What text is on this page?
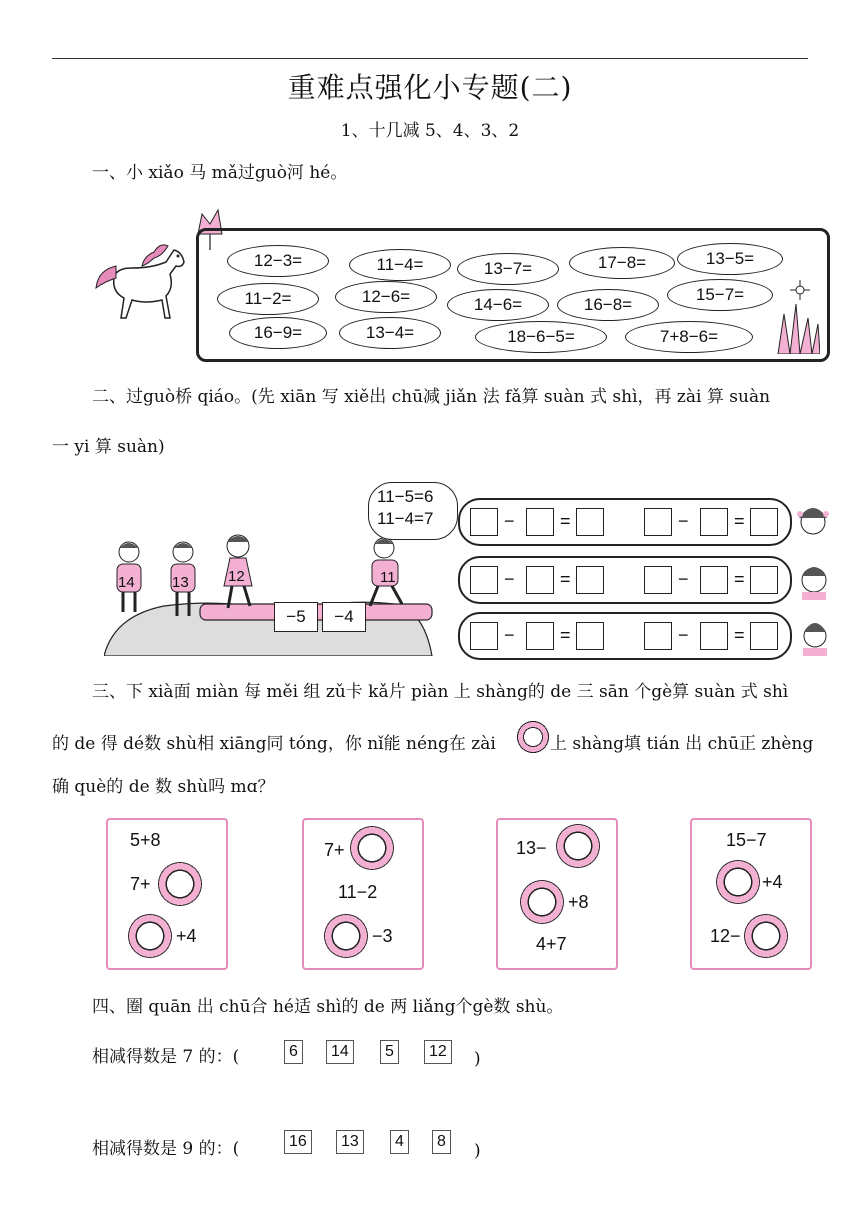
重难点强化小专题(二)
1、十几减 5、4、3、2
一、小 xiǎo 马 mǎ过guò河 hé。
12−3=	11−4=	13−7=	17−8=	13−5=
11−2=	12−6=	14−6=	16−8=
15−7=
16−9=	13−4=	18−6−5=	7+8−6=
二、过guò桥 qiáo。(先 xiān 写 xiě出 chū减 jiǎn 法 fǎ算 suàn 式 shì，再 zài 算 suàn
一 yi 算 suàn)
−5	−4
14 13	12	11
11−5=6
11−4=7	−	=	−	=
−	=	−	=
−	=	−	=
三、下 xià面 miàn 每 měi 组 zǔ卡 kǎ片 piàn 上 shàng的 de 三 sān 个gè算 suàn 式 shì
的 de 得 dé数 shù相 xiāng同 tóng，你 nǐ能 néng在 zài	上 shàng填 tián 出 chū正 zhèng
确 què的 de 数 shù吗 mɑ？
5+8
7+
+4
7+
11−2
−3
13−
+8
4+7
15−7
+4
12−
四、圈 quān 出 chū合 hé适 shì的 de 两 liǎng个gè数 shù。
相减得数是 7 的：(	6	14	5	12 )
相减得数是 9 的：(	16	13	4	8 )
